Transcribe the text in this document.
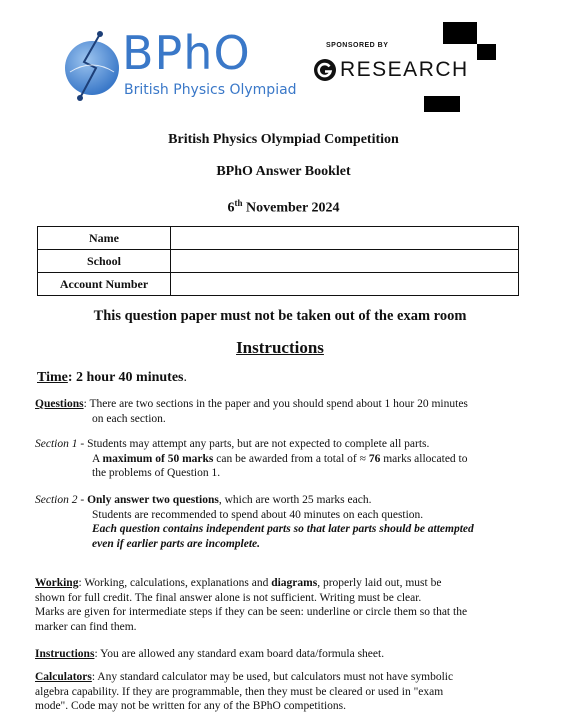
BPhO
British Physics Olympiad
SPONSORED BY
RESEARCH
British Physics Olympiad Competition
BPhO Answer Booklet
6th November 2024
Name	
School	
Account Number	
This question paper must not be taken out of the exam room
Instructions
Time: 2 hour 40 minutes.
Questions: There are two sections in the paper and you should spend about 1 hour 20 minutes
on each section.
Section 1 - Students may attempt any parts, but are not expected to complete all parts.
A maximum of 50 marks can be awarded from a total of ≈ 76 marks allocated to
the problems of Question 1.
Section 2 - Only answer two questions, which are worth 25 marks each.
Students are recommended to spend about 40 minutes on each question.
Each question contains independent parts so that later parts should be attempted
even if earlier parts are incomplete.
Working: Working, calculations, explanations and diagrams, properly laid out, must be
shown for full credit. The final answer alone is not sufficient. Writing must be clear.
Marks are given for intermediate steps if they can be seen: underline or circle them so that the
marker can find them.
Instructions: You are allowed any standard exam board data/formula sheet.
Calculators: Any standard calculator may be used, but calculators must not have symbolic
algebra capability. If they are programmable, then they must be cleared or used in "exam
mode". Code may not be written for any of the BPhO competitions.
